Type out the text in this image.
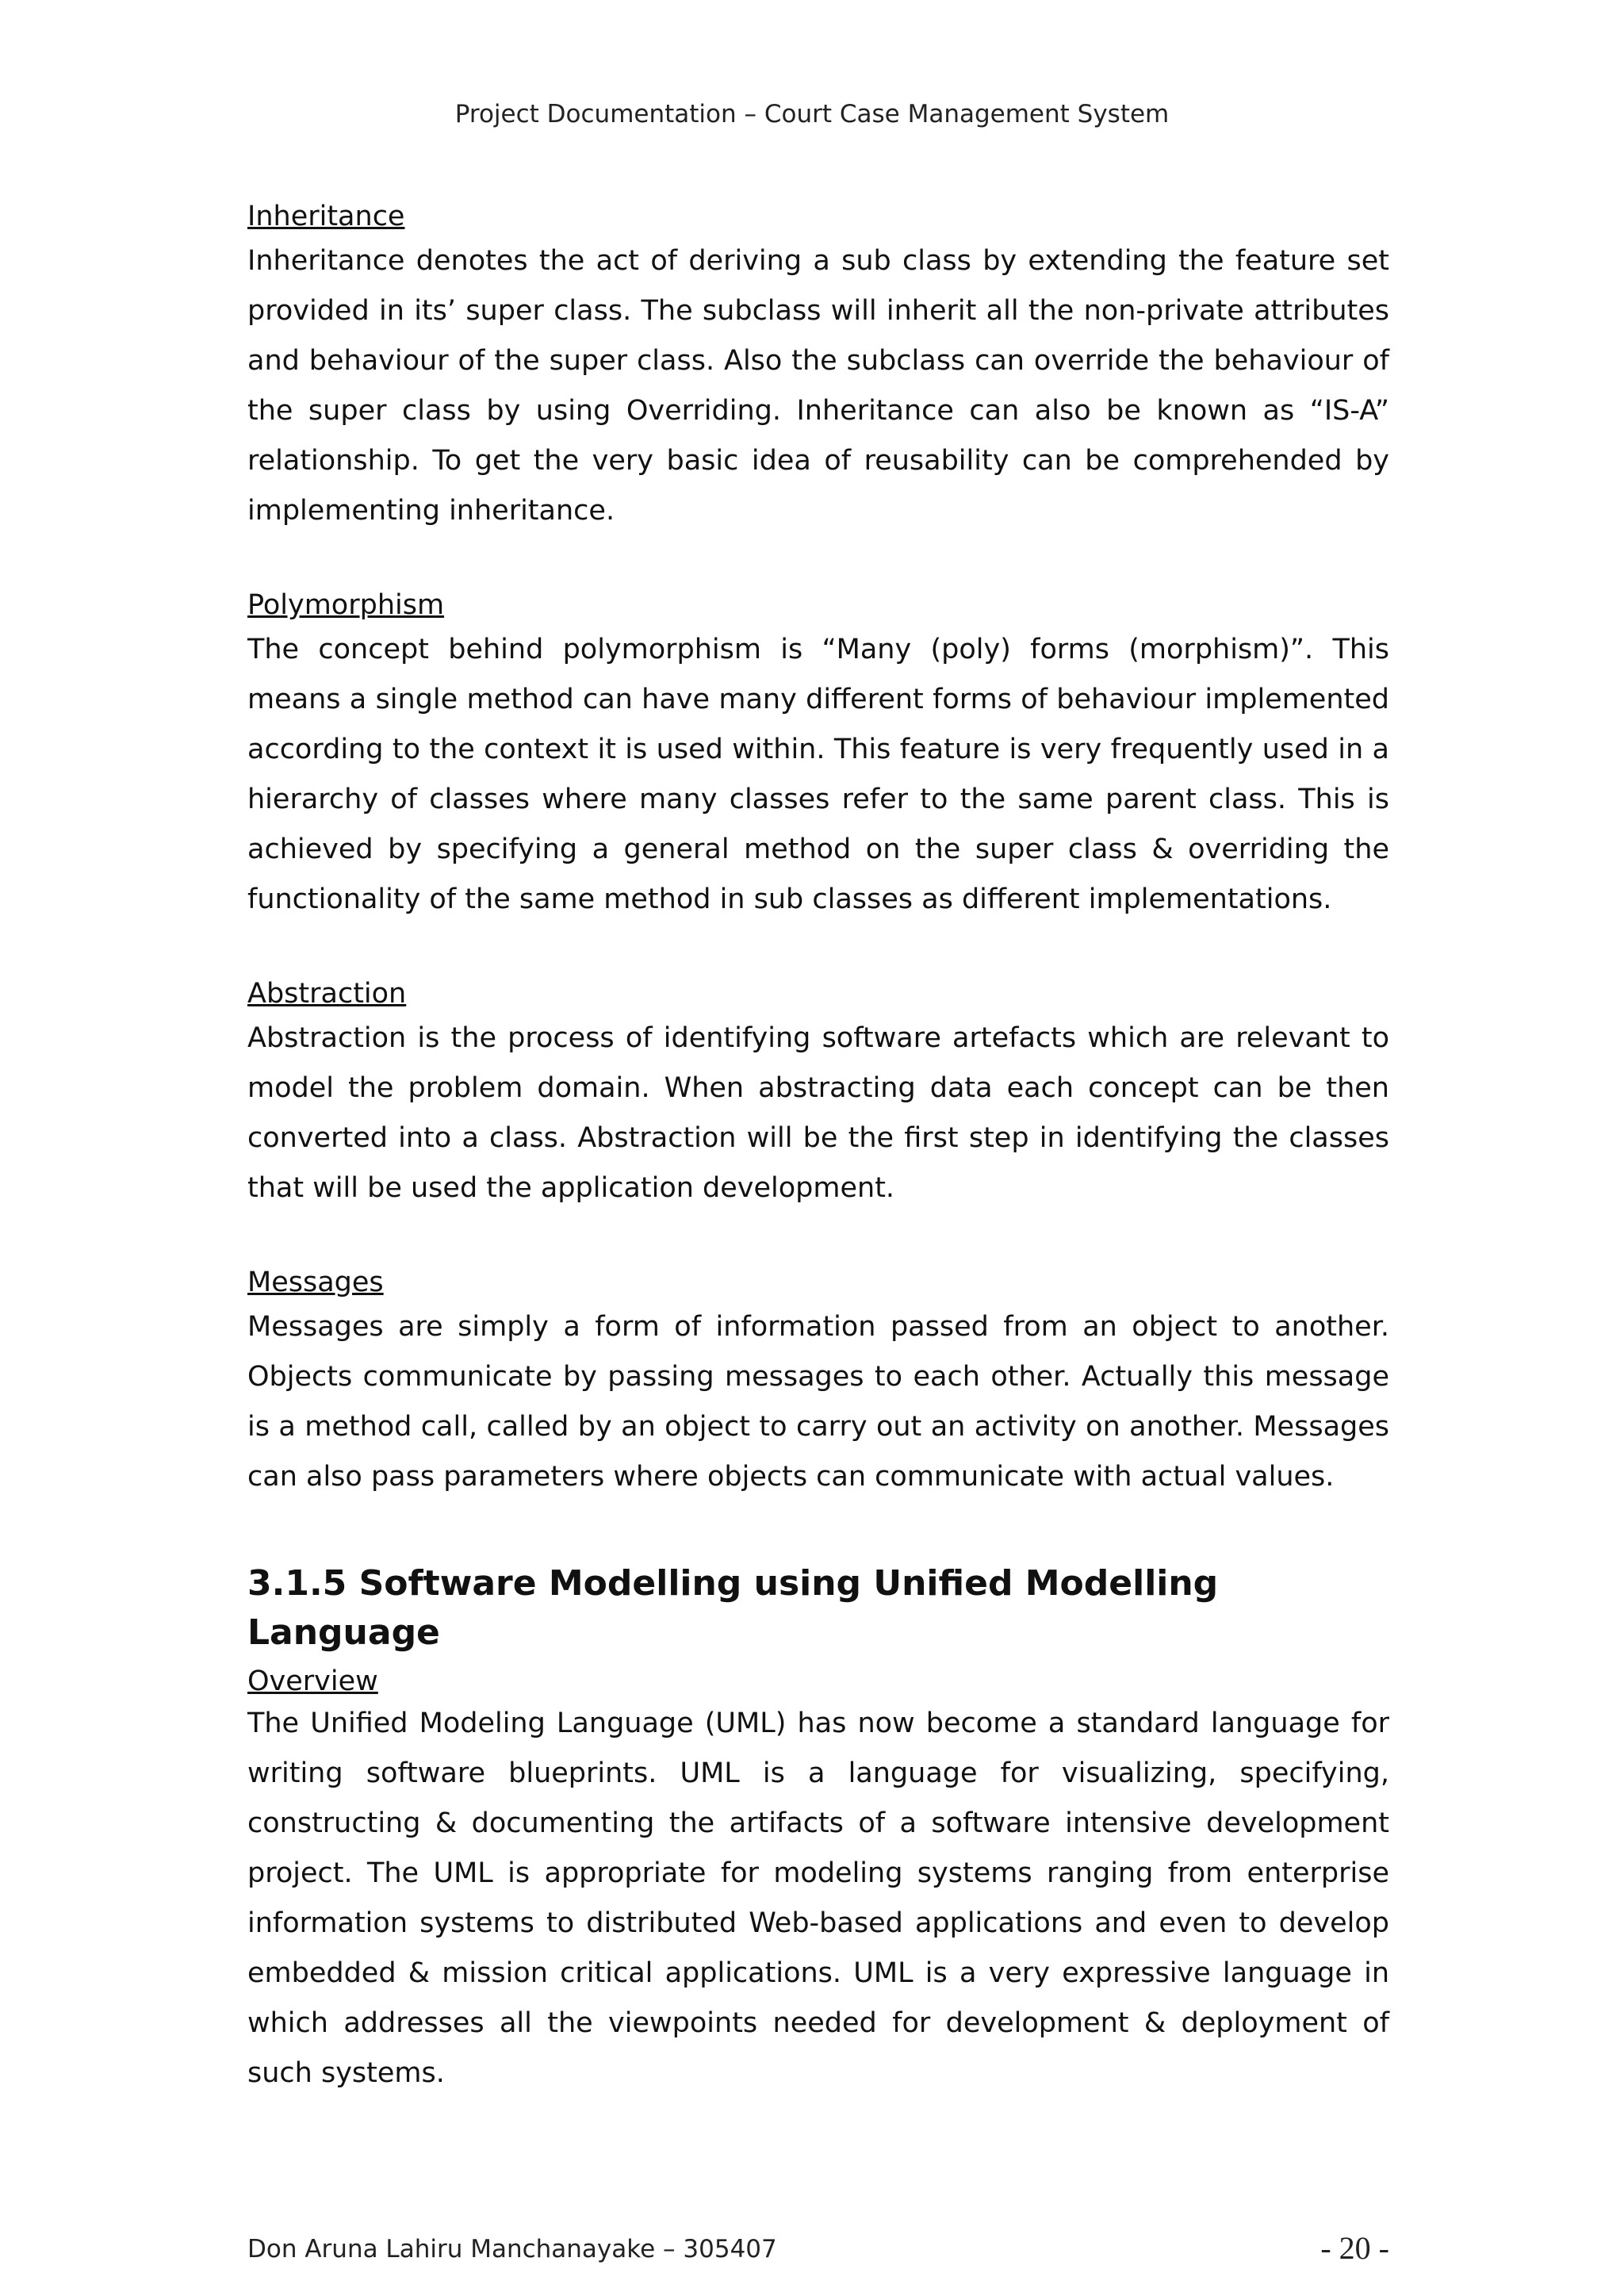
Project Documentation – Court Case Management System
Inheritance

Inheritance denotes the act of deriving a sub class by extending the feature set provided in its’ super class. The subclass will inherit all the non-private attributes and behaviour of the super class. Also the subclass can override the behaviour of the super class by using Overriding. Inheritance can also be known as “IS-A” relationship. To get the very basic idea of reusability can be comprehended by implementing inheritance.

Polymorphism

The concept behind polymorphism is “Many (poly) forms (morphism)”. This means a single method can have many different forms of behaviour implemented according to the context it is used within. This feature is very frequently used in a hierarchy of classes where many classes refer to the same parent class. This is achieved by specifying a general method on the super class & overriding the functionality of the same method in sub classes as different implementations.

Abstraction

Abstraction is the process of identifying software artefacts which are relevant to model the problem domain. When abstracting data each concept can be then converted into a class. Abstraction will be the first step in identifying the classes that will be used the application development.

Messages

Messages are simply a form of information passed from an object to another. Objects communicate by passing messages to each other. Actually this message is a method call, called by an object to carry out an activity on another. Messages can also pass parameters where objects can communicate with actual values.

3.1.5 Software Modelling using Unified Modelling Language
Overview

The Unified Modeling Language (UML) has now become a standard language for writing software blueprints. UML is a language for visualizing, specifying, constructing & documenting the artifacts of a software intensive development project. The UML is appropriate for modeling systems ranging from enterprise information systems to distributed Web-based applications and even to develop embedded & mission critical applications. UML is a very expressive language in which addresses all the viewpoints needed for development & deployment of such systems.

Don Aruna Lahiru Manchanayake – 305407	- 20 -
